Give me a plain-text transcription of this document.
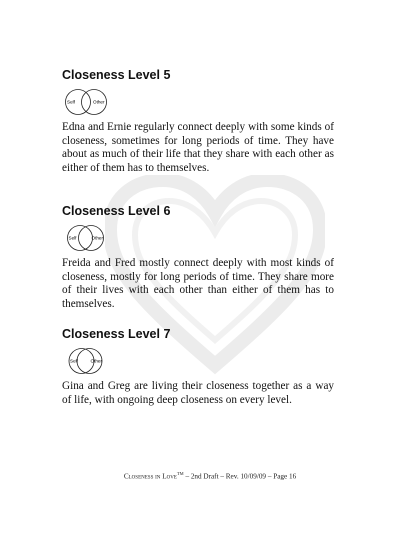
Closeness Level 5
Self	Other

Edna and Ernie regularly connect deeply with some kinds of closeness, sometimes for long periods of time. They have about as much of their life that they share with each other as either of them has to themselves.

Closeness Level 6
Self	Other

Freida and Fred mostly connect deeply with most kinds of closeness, mostly for long periods of time. They share more of their lives with each other than either of them has to themselves.

Closeness Level 7
Self	Other

Gina and Greg are living their closeness together as a way of life, with ongoing deep closeness on every level.

Closeness in Love™ – 2nd Draft – Rev. 10/09/09 – Page 16
